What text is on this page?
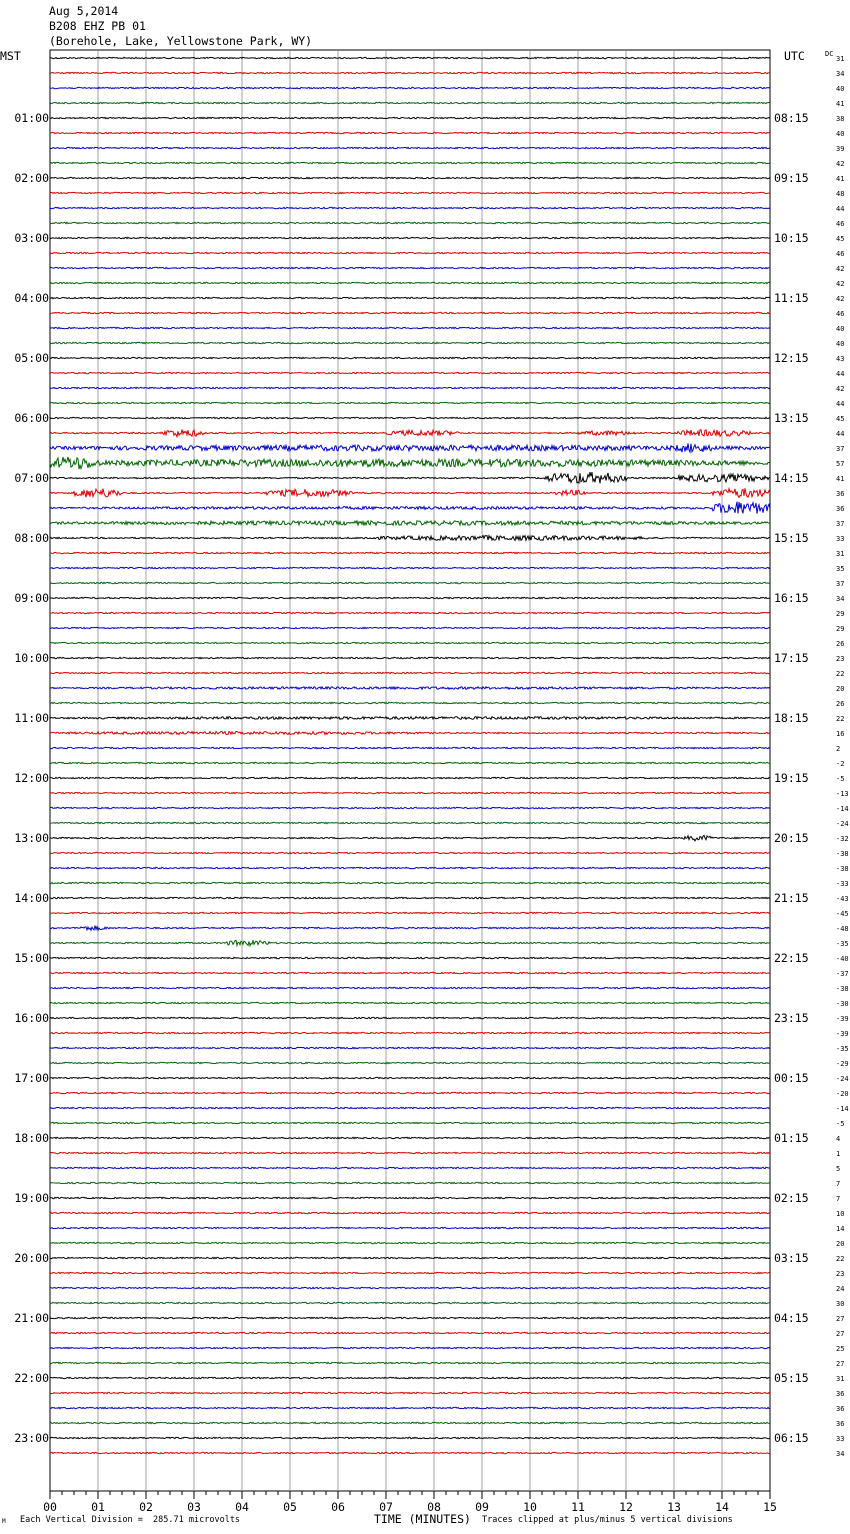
Aug 5,2014
B208 EHZ PB 01
(Borehole, Lake, Yellowstone Park, WY)
00	01	02	03	04	05	06	07	08	09	10	11	12	13	14	15
MST	UTC	DC
01:00
02:00
03:00
04:00
05:00
06:00
07:00
08:00
09:00
10:00
11:00
12:00
13:00
14:00
15:00
16:00
17:00
18:00
19:00
20:00
21:00
22:00
23:00
08:15
09:15
10:15
11:15
12:15
13:15
14:15
15:15
16:15
17:15
18:15
19:15
20:15
21:15
22:15
23:15
00:15
01:15
02:15
03:15
04:15
05:15
06:15
31
34
40
41
38
40
39
42
41
48
44
46
45
46
42
42
42
46
40
40
43
44
42
44
45
44
37
57
41
36
36
37
33
31
35
37
34
29
29
26
23
22
20
26
22
16
2
-2
-5
-13
-14
-24
-32
-38
-38
-33
-43
-45
-48
-35
-40
-37
-38
-30
-39
-39
-35
-29
-24
-20
-14
-5
4
1
5
7
7
10
14
20
22
23
24
30
27
27
25
27
31
36
36
36
33
34
TIME (MINUTES)
Each Vertical Division =  285.71 microvolts	Traces clipped at plus/minus 5 vertical divisions
M
